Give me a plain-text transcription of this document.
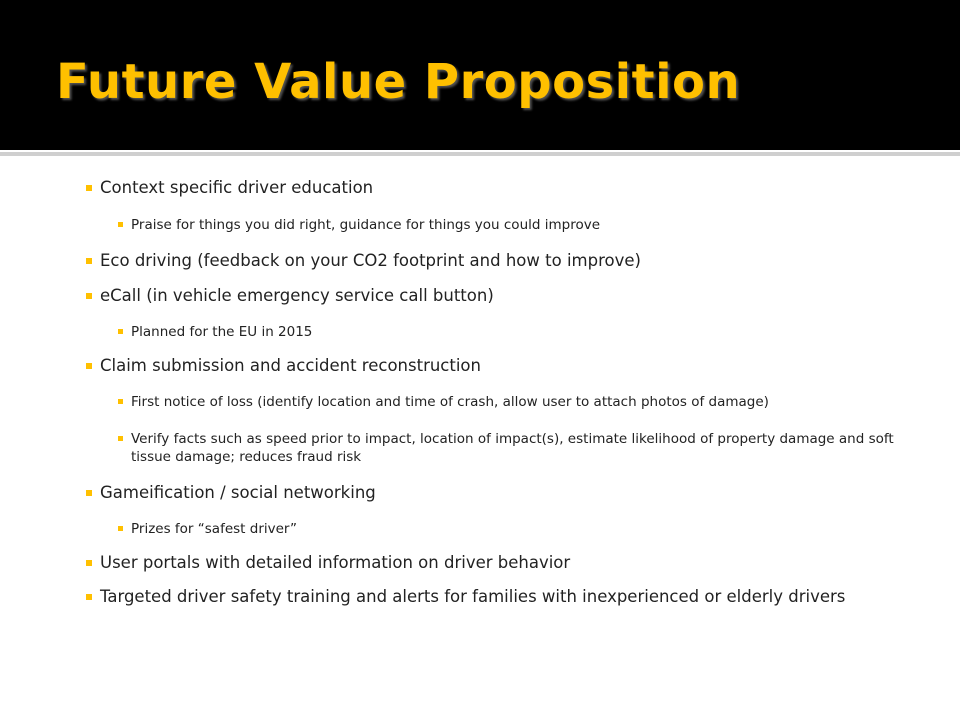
Future Value Proposition

Context specific driver education

Praise for things you did right, guidance for things you could improve

Eco driving (feedback on your CO2 footprint and how to improve)

eCall (in vehicle emergency service call button)

Planned for the EU in 2015

Claim submission and accident reconstruction

First notice of loss (identify location and time of crash, allow user to attach photos of damage)

Verify facts such as speed prior to impact, location of impact(s), estimate likelihood of property damage and soft tissue damage; reduces fraud risk

Gameification / social networking

Prizes for “safest driver”

User portals with detailed information on driver behavior

Targeted driver safety training and alerts for families with inexperienced or elderly drivers
